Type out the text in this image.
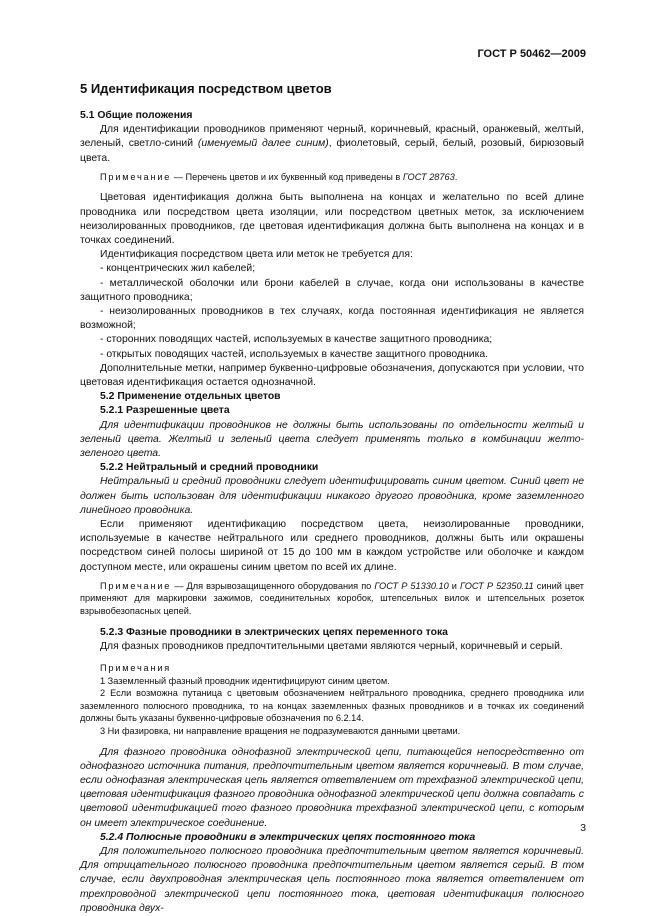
ГОСТ Р 50462—2009
5 Идентификация посредством цветов

5.1 Общие положения

Для идентификации проводников применяют черный, коричневый, красный, оранжевый, желтый, зеленый, светло-синий (именуемый далее синим), фиолетовый, серый, белый, розовый, бирюзовый цвета.

Примечание — Перечень цветов и их буквенный код приведены в ГОСТ 28763.

Цветовая идентификация должна быть выполнена на концах и желательно по всей длине проводника или посредством цвета изоляции, или посредством цветных меток, за исключением неизолированных проводников, где цветовая идентификация должна быть выполнена на концах и в точках соединений.

Идентификация посредством цвета или меток не требуется для:

- концентрических жил кабелей;

- металлической оболочки или брони кабелей в случае, когда они использованы в качестве защитного проводника;

- неизолированных проводников в тех случаях, когда постоянная идентификация не является возможной;

- сторонних поводящих частей, используемых в качестве защитного проводника;

- открытых поводящих частей, используемых в качестве защитного проводника.

Дополнительные метки, например буквенно-цифровые обозначения, допускаются при условии, что цветовая идентификация остается однозначной.

5.2 Применение отдельных цветов

5.2.1 Разрешенные цвета

Для идентификации проводников не должны быть использованы по отдельности желтый и зеленый цвета. Желтый и зеленый цвета следует применять только в комбинации желто-зеленого цвета.

5.2.2 Нейтральный и средний проводники

Нейтральный и средний проводники следует идентифицировать синим цветом. Синий цвет не должен быть использован для идентификации никакого другого проводника, кроме заземленного линейного проводника.

Если применяют идентификацию посредством цвета, неизолированные проводники, используемые в качестве нейтрального или среднего проводников, должны быть или окрашены посредством синей полосы шириной от 15 до 100 мм в каждом устройстве или оболочке и каждом доступном месте, или окрашены синим цветом по всей их длине.

Примечание — Для взрывозащищенного оборудования по ГОСТ Р 51330.10 и ГОСТ Р 52350.11 синий цвет применяют для маркировки зажимов, соединительных коробок, штепсельных вилок и штепсельных розеток взрывобезопасных цепей.

5.2.3 Фазные проводники в электрических цепях переменного тока

Для фазных проводников предпочтительными цветами являются черный, коричневый и серый.

Примечания

1 Заземленный фазный проводник идентифицируют синим цветом.

2 Если возможна путаница с цветовым обозначением нейтрального проводника, среднего проводника или заземленного полюсного проводника, то на концах заземленных фазных проводников и в точках их соединений должны быть указаны буквенно-цифровые обозначения по 6.2.14.

3 Ни фазировка, ни направление вращения не подразумеваются данными цветами.

Для фазного проводника однофазной электрической цепи, питающейся непосредственно от однофазного источника питания, предпочтительным цветом является коричневый. В том случае, если однофазная электрическая цепь является ответвлением от трехфазной электрической цепи, цветовая идентификация фазного проводника однофазной электрической цепи должна совпадать с цветовой идентификацией того фазного проводника трехфазной электрической цепи, с которым он имеет электрическое соединение.

5.2.4 Полюсные проводники в электрических цепях постоянного тока

Для положительного полюсного проводника предпочтительным цветом является коричневый. Для отрицательного полюсного проводника предпочтительным цветом является серый. В том случае, если двухпроводная электрическая цепь постоянного тока является ответвлением от трехпроводной электрической цепи постоянного тока, цветовая идентификация полюсного проводника двух-

3
